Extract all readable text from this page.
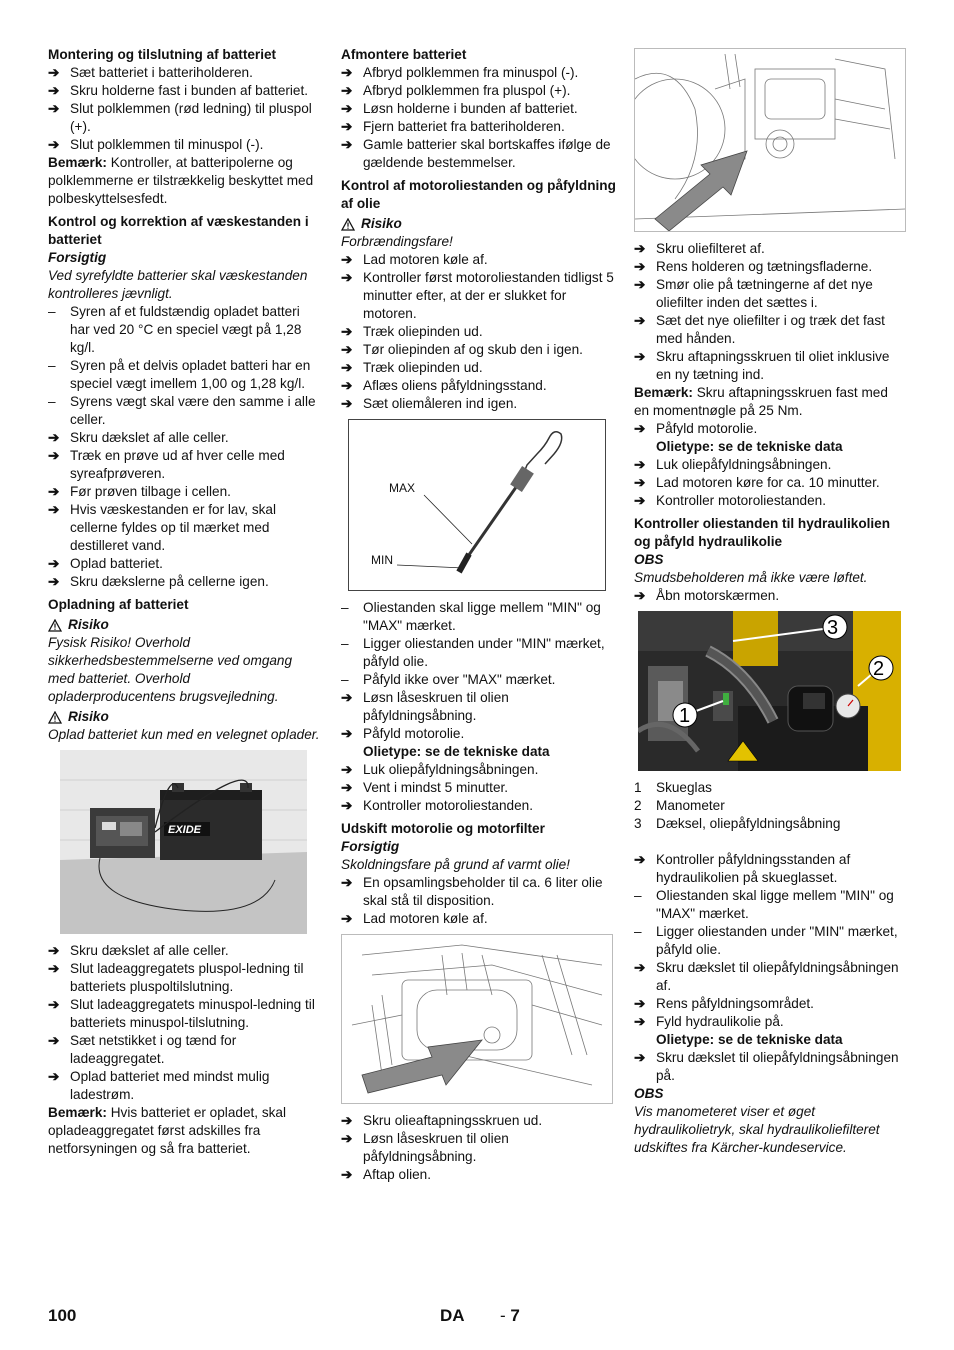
Montering og tilslutning af batteriet
➔ Sæt batteriet i batteriholderen.
➔ Skru holderne fast i bunden af batteriet.
➔ Slut polklemmen (rød ledning) til pluspol (+).
➔ Slut polklemmen til minuspol (-).
Bemærk: Kontroller, at batteripolerne og polklemmerne er tilstrækkelig beskyttet med polbeskyttelsesfedt.
Kontrol og korrektion af væskestanden i batteriet
Forsigtig
Ved syrefyldte batterier skal væskestanden kontrolleres jævnligt.
–	Syren af et fuldstændig opladet batteri har ved 20 °C en speciel vægt på 1,28 kg/l.
–	Syren på et delvis opladet batteri har en speciel vægt imellem 1,00 og 1,28 kg/l.
–	Syrens vægt skal være den samme i alle celler.
➔ Skru dækslet af alle celler.
➔ Træk en prøve ud af hver celle med syreafprøveren.
➔ Før prøven tilbage i cellen.
➔ Hvis væskestanden er for lav, skal cellerne fyldes op til mærket med destilleret vand.
➔ Oplad batteriet.
➔ Skru dækslerne på cellerne igen.
Opladning af batteriet
Risiko
Fysisk Risiko! Overhold sikkerhedsbestemmelserne ved omgang med batteriet. Overhold opladerproducentens brugsvejledning.
Risiko
Oplad batteriet kun med en velegnet oplader.
EXIDE
➔ Skru dækslet af alle celler.
➔ Slut ladeaggregatets pluspol-ledning til batteriets pluspoltilslutning.
➔ Slut ladeaggregatets minuspol-ledning til batteriets minuspol-tilslutning.
➔ Sæt netstikket i og tænd for ladeaggregatet.
➔ Oplad batteriet med mindst mulig ladestrøm.
Bemærk: Hvis batteriet er opladet, skal opladeaggregatet først adskilles fra netforsyningen og så fra batteriet.
Afmontere batteriet
➔ Afbryd polklemmen fra minuspol (-).
➔ Afbryd polklemmen fra pluspol (+).
➔ Løsn holderne i bunden af batteriet.
➔ Fjern batteriet fra batteriholderen.
➔ Gamle batterier skal bortskaffes ifølge de gældende bestemmelser.
Kontrol af motoroliestanden og påfyldning af olie
Risiko
Forbrændingsfare!
➔ Lad motoren køle af.
➔ Kontroller først motoroliestanden tidligst 5 minutter efter, at der er slukket for motoren.
➔ Træk oliepinden ud.
➔ Tør oliepinden af og skub den i igen.
➔ Træk oliepinden ud.
➔ Aflæs oliens påfyldningsstand.
➔ Sæt oliemåleren ind igen.
MAX
MIN
–	Oliestanden skal ligge mellem "MIN" og "MAX" mærket.
–	Ligger oliestanden under "MIN" mærket, påfyld olie.
–	Påfyld ikke over "MAX" mærket.
➔ Løsn låseskruen til olien påfyldningsåbning.
➔ Påfyld motorolie.
Olietype: se de tekniske data
➔ Luk oliepåfyldningsåbningen.
➔ Vent i mindst 5 minutter.
➔ Kontroller motoroliestanden.
Udskift motorolie og motorfilter
Forsigtig
Skoldningsfare på grund af varmt olie!
➔ En opsamlingsbeholder til ca. 6 liter olie skal stå til disposition.
➔ Lad motoren køle af.
➔ Skru olieaftapningsskruen ud.
➔ Løsn låseskruen til olien påfyldningsåbning.
➔ Aftap olien.
➔ Skru oliefilteret af.
➔ Rens holderen og tætningsfladerne.
➔ Smør olie på tætningerne af det nye oliefilter inden det sættes i.
➔ Sæt det nye oliefilter i og træk det fast med hånden.
➔ Skru aftapningsskruen til oliet inklusive en ny tætning ind.
Bemærk: Skru aftapningsskruen fast med en momentnøgle på 25 Nm.
➔ Påfyld motorolie.
Olietype: se de tekniske data
➔ Luk oliepåfyldningsåbningen.
➔ Lad motoren køre for ca. 10 minutter.
➔ Kontroller motoroliestanden.
Kontroller oliestanden til hydraulikolien og påfyld hydraulikolie
OBS
Smudsbeholderen må ikke være løftet.
➔ Åbn motorskærmen.
3
2
1
1	Skueglas
2	Manometer
3	Dæksel, oliepåfyldningsåbning
➔ Kontroller påfyldningsstanden af hydraulikolien på skueglasset.
–	Oliestanden skal ligge mellem "MIN" og "MAX" mærket.
–	Ligger oliestanden under "MIN" mærket, påfyld olie.
➔ Skru dækslet til oliepåfyldningsåbningen af.
➔ Rens påfyldningsområdet.
➔ Fyld hydraulikolie på.
Olietype: se de tekniske data
➔ Skru dækslet til oliepåfyldningsåbningen på.
OBS
Vis manometeret viser et øget hydraulikolietryk, skal hydraulikoliefilteret udskiftes fra Kärcher-kundeservice.
100	DA - 7
